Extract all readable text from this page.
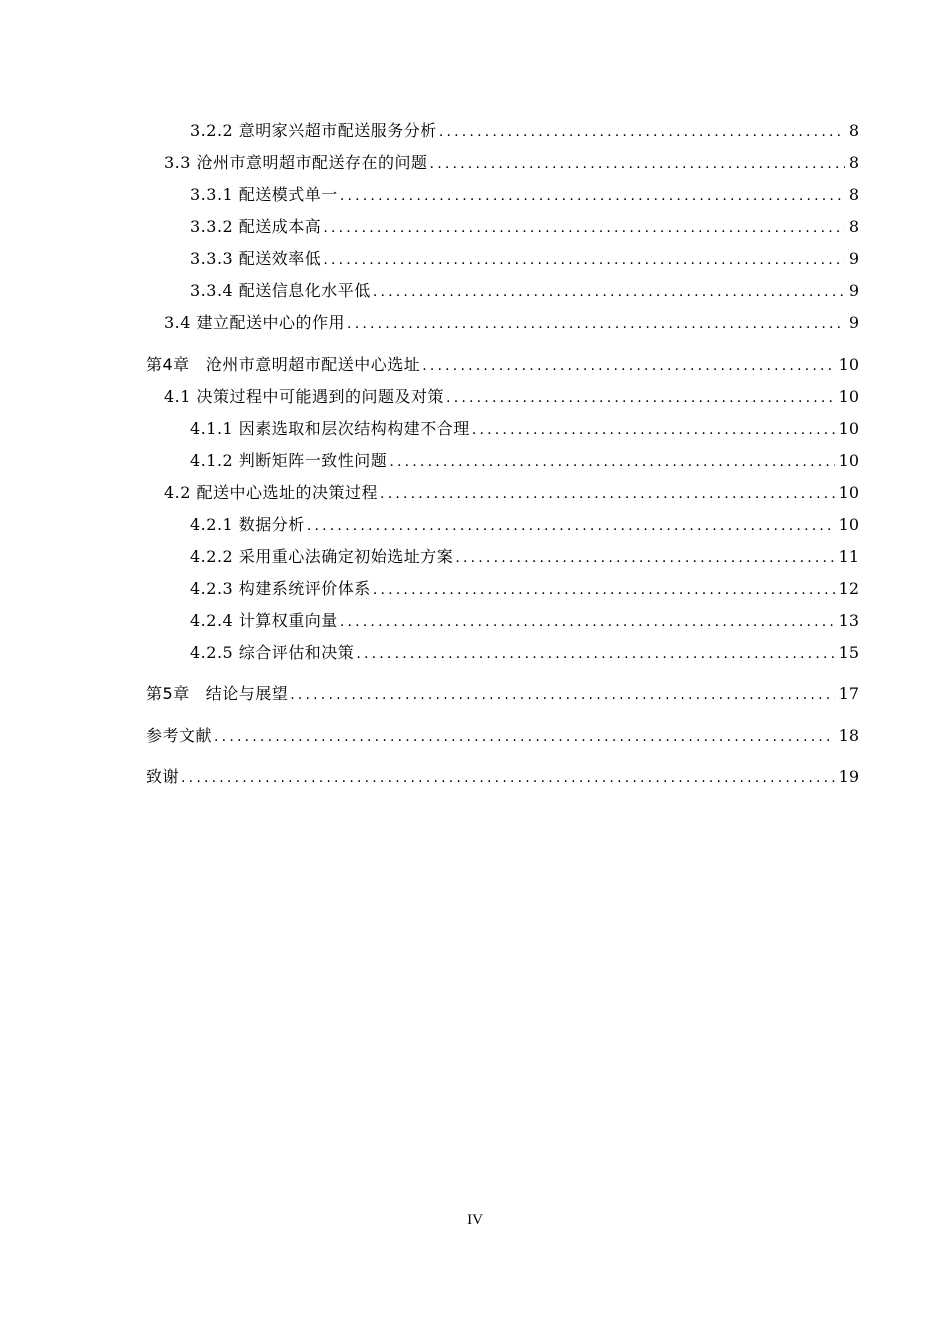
3.2.2 意明家兴超市配送服务分析 .....	8
3.3 沧州市意明超市配送存在的问题 .....	8
3.3.1 配送模式单一 .....	8
3.3.2 配送成本高 .....	8
3.3.3 配送效率低 .....	9
3.3.4 配送信息化水平低 .....	9
3.4 建立配送中心的作用 .....	9
第4章 沧州市意明超市配送中心选址 .....	10
4.1 决策过程中可能遇到的问题及对策 .....	10
4.1.1 因素选取和层次结构构建不合理 .....	10
4.1.2 判断矩阵一致性问题 .....	10
4.2 配送中心选址的决策过程 .....	10
4.2.1 数据分析 .....	10
4.2.2 采用重心法确定初始选址方案 .....	11
4.2.3 构建系统评价体系 .....	12
4.2.4 计算权重向量 .....	13
4.2.5 综合评估和决策 .....	15
第5章 结论与展望 .....	17
参考文献 .....	18
致谢 .....	19
IV
